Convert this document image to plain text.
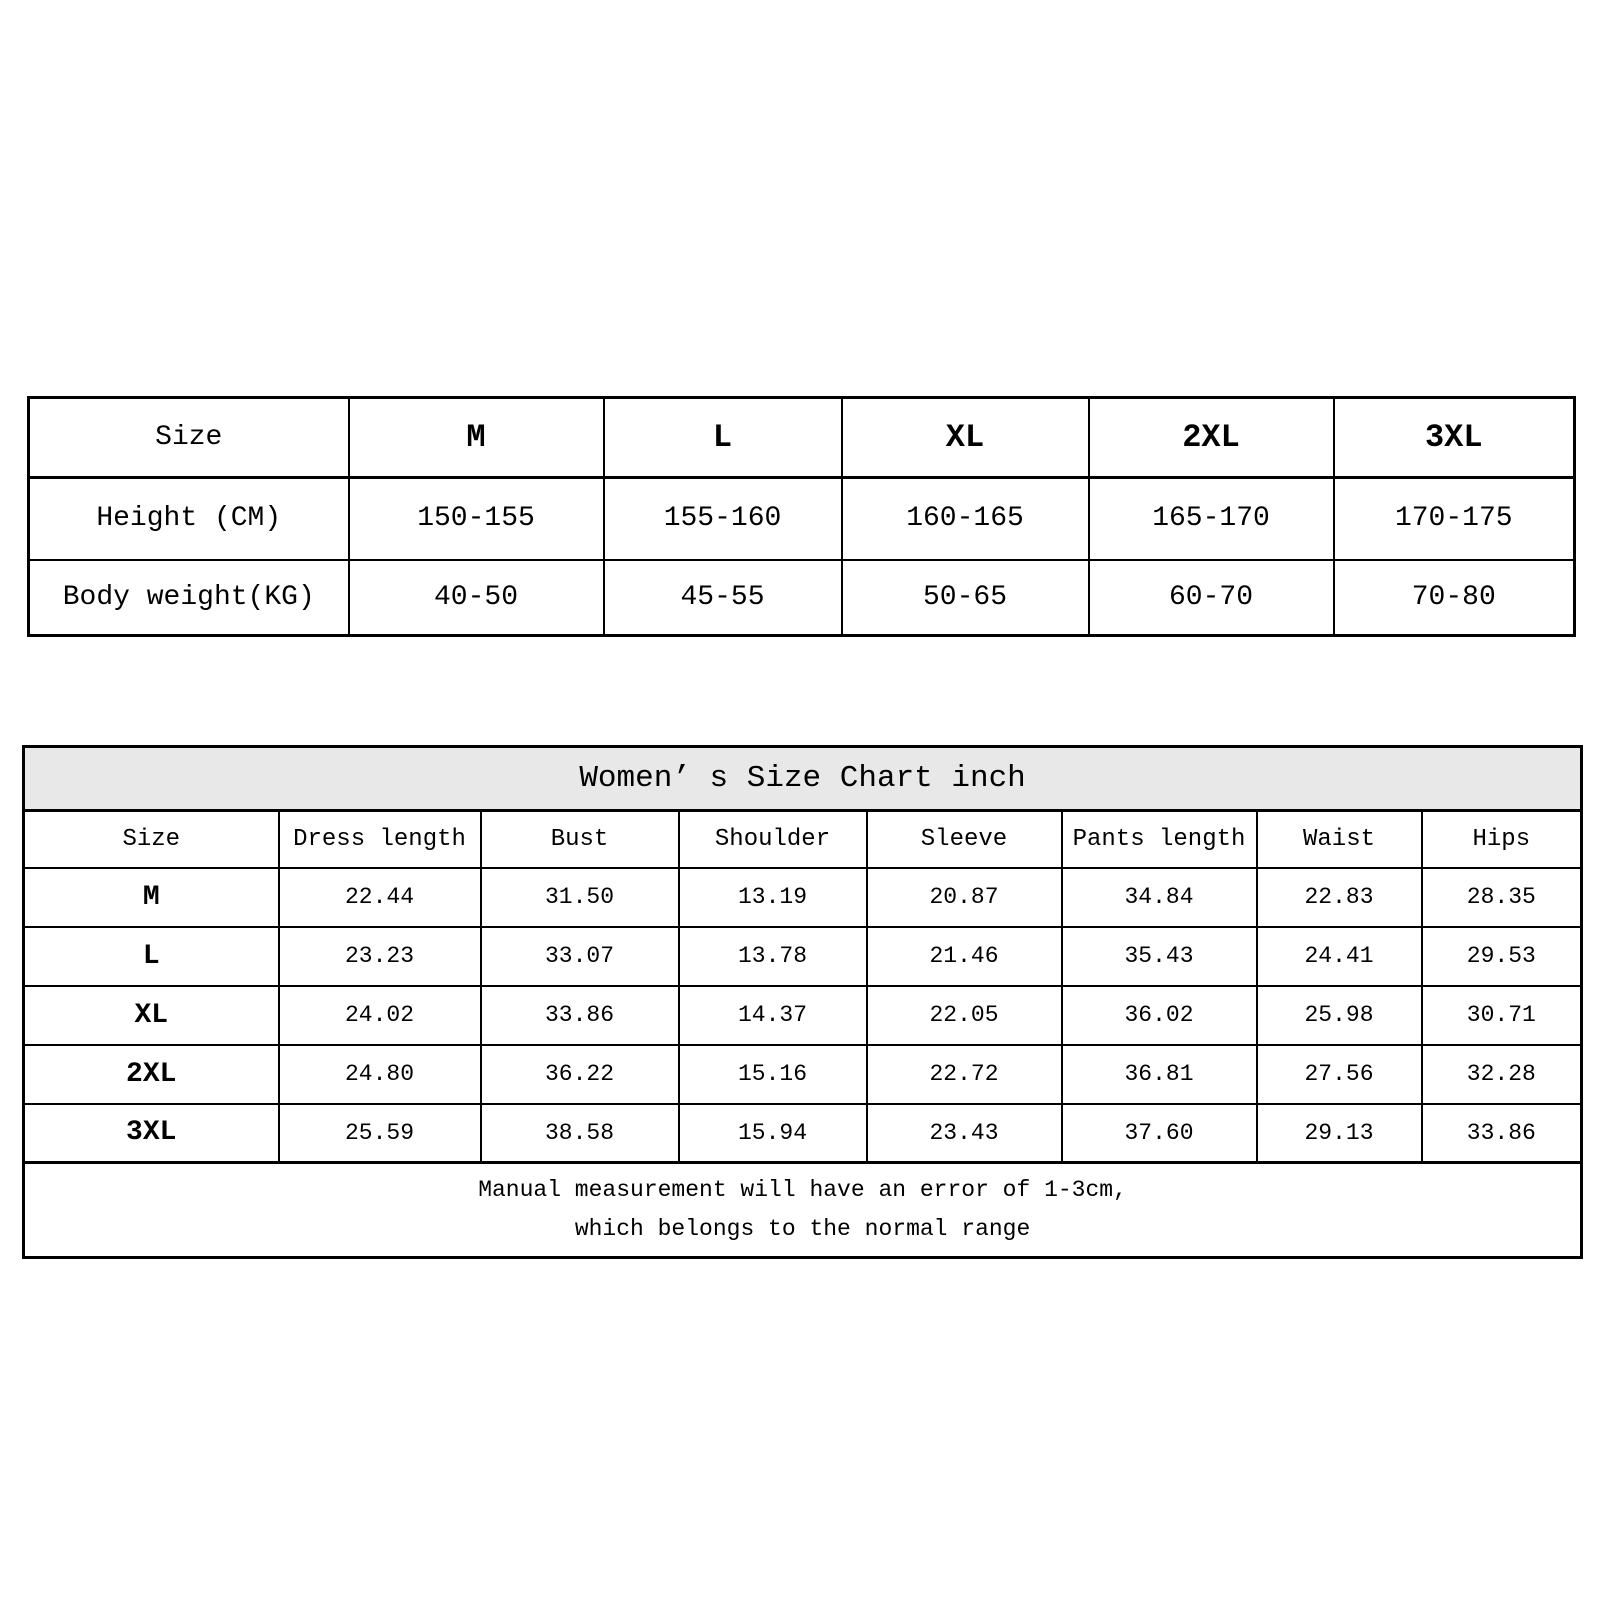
Size	M	L	XL	2XL	3XL
Height (CM)	150-155	155-160	160-165	165-170	170-175
Body weight(KG)	40-50	45-55	50-65	60-70	70-80
Women’ s Size Chart inch							
Size	Dress length	Bust	Shoulder	Sleeve	Pants length	Waist	Hips
M	22.44	31.50	13.19	20.87	34.84	22.83	28.35
L	23.23	33.07	13.78	21.46	35.43	24.41	29.53
XL	24.02	33.86	14.37	22.05	36.02	25.98	30.71
2XL	24.80	36.22	15.16	22.72	36.81	27.56	32.28
3XL	25.59	38.58	15.94	23.43	37.60	29.13	33.86

Manual measurement will have an error of 1-3cm,
which belongs to the normal range							
